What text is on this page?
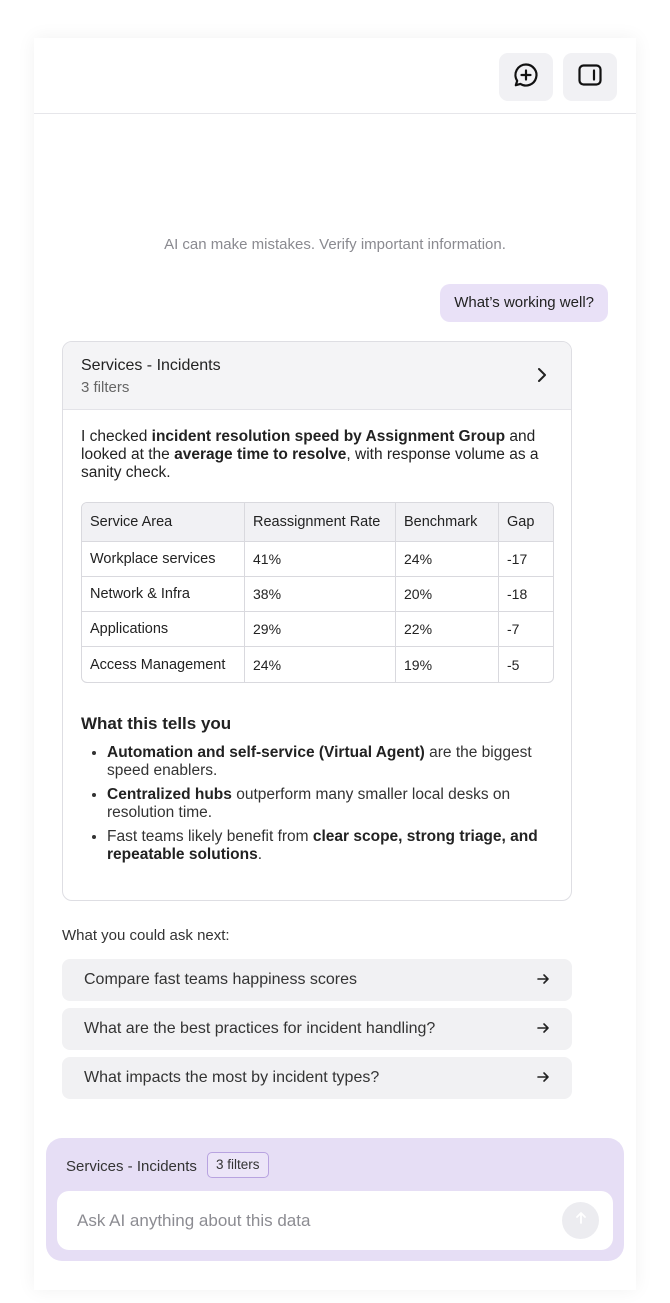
AI can make mistakes. Verify important information.
What’s working well?
Services - Incidents
3 filters

I checked incident resolution speed by Assignment Group and looked at the average time to resolve, with response volume as a sanity check.

Service Area	Reassignment Rate	Benchmark	Gap
Workplace services	41%	24%	-17
Network & Infra	38%	20%	-18
Applications	29%	22%	-7
Access Management	24%	19%	-5
What this tells you
• Automation and self-service (Virtual Agent) are the biggest speed enablers.
• Centralized hubs outperform many smaller local desks on resolution time.
• Fast teams likely benefit from clear scope, strong triage, and repeatable solutions.
What you could ask next:
Compare fast teams happiness scores
What are the best practices for incident handling?
What impacts the most by incident types?
Services - Incidents	3 filters
Ask AI anything about this data
